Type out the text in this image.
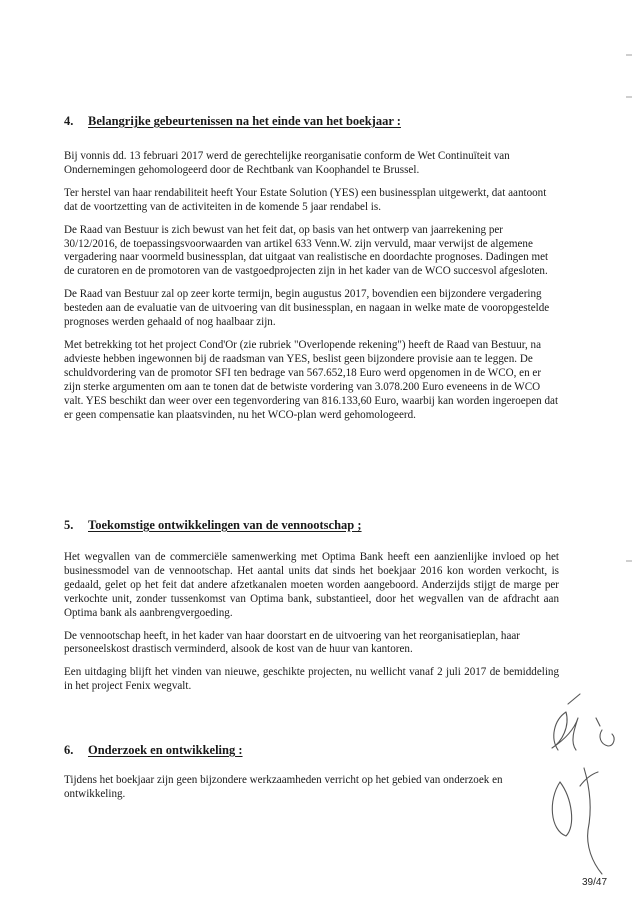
4. Belangrijke gebeurtenissen na het einde van het boekjaar :

Bij vonnis dd. 13 februari 2017 werd de gerechtelijke reorganisatie conform de Wet Continuïteit van Ondernemingen gehomologeerd door de Rechtbank van Koophandel te Brussel.

Ter herstel van haar rendabiliteit heeft Your Estate Solution (YES) een businessplan uitgewerkt, dat aantoont dat de voortzetting van de activiteiten in de komende 5 jaar rendabel is.

De Raad van Bestuur is zich bewust van het feit dat, op basis van het ontwerp van jaarrekening per 30/12/2016, de toepassingsvoorwaarden van artikel 633 Venn.W. zijn vervuld, maar verwijst de algemene vergadering naar voormeld businessplan, dat uitgaat van realistische en doordachte prognoses. Dadingen met de curatoren en de promotoren van de vastgoedprojecten zijn in het kader van de WCO succesvol afgesloten.

De Raad van Bestuur zal op zeer korte termijn, begin augustus 2017, bovendien een bijzondere vergadering besteden aan de evaluatie van de uitvoering van dit businessplan, en nagaan in welke mate de vooropgestelde prognoses werden gehaald of nog haalbaar zijn.

Met betrekking tot het project Cond'Or (zie rubriek "Overlopende rekening") heeft de Raad van Bestuur, na advieste hebben ingewonnen bij de raadsman van YES, beslist geen bijzondere provisie aan te leggen. De schuldvordering van de promotor SFI ten bedrage van 567.652,18 Euro werd opgenomen in de WCO, en er zijn sterke argumenten om aan te tonen dat de betwiste vordering van 3.078.200 Euro eveneens in de WCO valt. YES beschikt dan weer over een tegenvordering van 816.133,60 Euro, waarbij kan worden ingeroepen dat er geen compensatie kan plaatsvinden, nu het WCO-plan werd gehomologeerd.

5. Toekomstige ontwikkelingen van de vennootschap ;

Het wegvallen van de commerciële samenwerking met Optima Bank heeft een aanzienlijke invloed op het businessmodel van de vennootschap. Het aantal units dat sinds het boekjaar 2016 kon worden verkocht, is gedaald, gelet op het feit dat andere afzetkanalen moeten worden aangeboord. Anderzijds stijgt de marge per verkochte unit, zonder tussenkomst van Optima bank, substantieel, door het wegvallen van de afdracht aan Optima bank als aanbrengvergoeding.

De vennootschap heeft, in het kader van haar doorstart en de uitvoering van het reorganisatieplan, haar personeelskost drastisch verminderd, alsook de kost van de huur van kantoren.

Een uitdaging blijft het vinden van nieuwe, geschikte projecten, nu wellicht vanaf 2 juli 2017 de bemiddeling in het project Fenix wegvalt.

6. Onderzoek en ontwikkeling :

Tijdens het boekjaar zijn geen bijzondere werkzaamheden verricht op het gebied van onderzoek en ontwikkeling.

39/47
